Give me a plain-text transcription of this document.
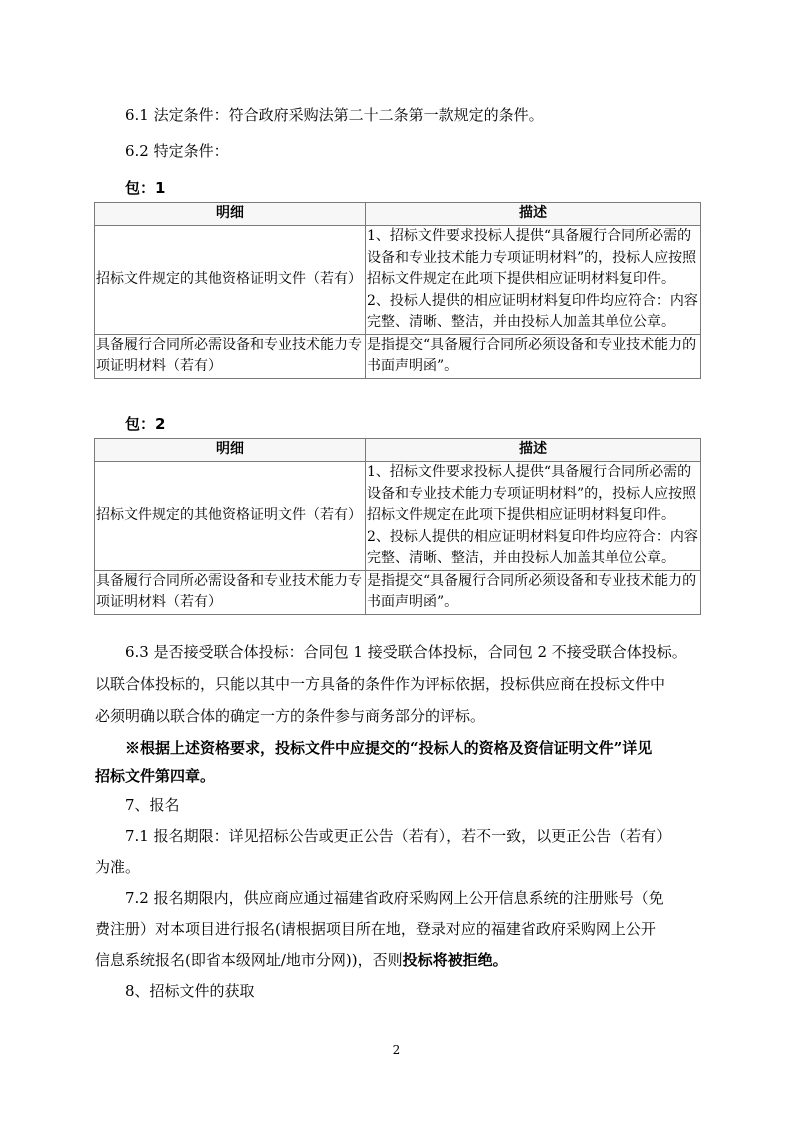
6.1 法定条件：符合政府采购法第二十二条第一款规定的条件。
6.2 特定条件：
包：1
明细	描述
招标文件规定的其他资格证明文件（若有）	1、招标文件要求投标人提供“具备履行合同所必需的设备和专业技术能力专项证明材料”的，投标人应按照招标文件规定在此项下提供相应证明材料复印件。 2、投标人提供的相应证明材料复印件均应符合：内容完整、清晰、整洁，并由投标人加盖其单位公章。
具备履行合同所必需设备和专业技术能力专项证明材料（若有）	是指提交“具备履行合同所必须设备和专业技术能力的书面声明函”。
包：2
明细	描述
招标文件规定的其他资格证明文件（若有）	1、招标文件要求投标人提供“具备履行合同所必需的设备和专业技术能力专项证明材料”的，投标人应按照招标文件规定在此项下提供相应证明材料复印件。 2、投标人提供的相应证明材料复印件均应符合：内容完整、清晰、整洁，并由投标人加盖其单位公章。
具备履行合同所必需设备和专业技术能力专项证明材料（若有）	是指提交“具备履行合同所必须设备和专业技术能力的书面声明函”。
6.3 是否接受联合体投标：合同包 1 接受联合体投标，合同包 2 不接受联合体投标。
以联合体投标的，只能以其中一方具备的条件作为评标依据，投标供应商在投标文件中
必须明确以联合体的确定一方的条件参与商务部分的评标。
※根据上述资格要求，投标文件中应提交的“投标人的资格及资信证明文件”详见
招标文件第四章。
7、报名
7.1 报名期限：详见招标公告或更正公告（若有），若不一致，以更正公告（若有）
为准。
7.2 报名期限内，供应商应通过福建省政府采购网上公开信息系统的注册账号（免
费注册）对本项目进行报名(请根据项目所在地，登录对应的福建省政府采购网上公开
信息系统报名(即省本级网址/地市分网))，否则投标将被拒绝。
8、招标文件的获取
2
